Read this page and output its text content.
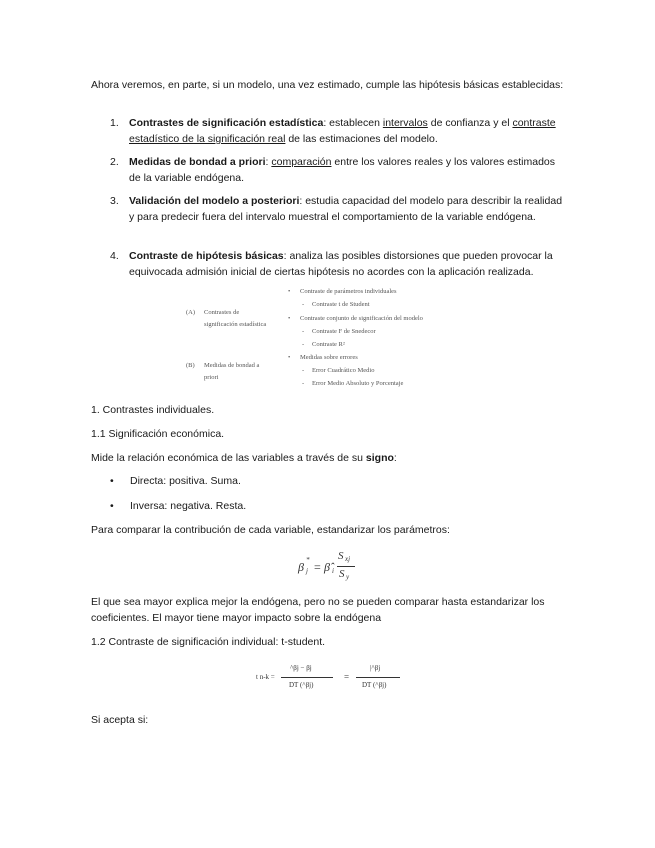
Ahora veremos, en parte, si un modelo, una vez estimado, cumple las hipótesis básicas establecidas:
1. Contrastes de significación estadística: establecen intervalos de confianza y el contraste estadístico de la significación real de las estimaciones del modelo.
2. Medidas de bondad a priori: comparación entre los valores reales y los valores estimados de la variable endógena.
3. Validación del modelo a posteriori: estudia capacidad del modelo para describir la realidad y para predecir fuera del intervalo muestral el comportamiento de la variable endógena.
4. Contraste de hipótesis básicas: analiza las posibles distorsiones que pueden provocar la equivocada admisión inicial de ciertas hipótesis no acordes con la aplicación realizada.
(A) Contrastes de
significación estadística
(B) Medidas de bondad a
priori
• Contraste de parámetros individuales
- Contraste t de Student
• Contraste conjunto de significación del modelo
- Contraste F de Snedecor
- Contraste R²
• Medidas sobre errores
- Error Cuadrático Medio
- Error Medio Absoluto y Porcentaje
1. Contrastes individuales.
1.1 Significación económica.
Mide la relación económica de las variables a través de su signo:
• Directa: positiva. Suma.
• Inversa: negativa. Resta.
Para comparar la contribución de cada variable, estandarizar los parámetros:
β *
j = β̂ i
S xj
S y
El que sea mayor explica mejor la endógena, pero no se pueden comparar hasta estandarizar los coeficientes. El mayor tiene mayor impacto sobre la endógena
1.2 Contraste de significación individual: t-student.
t n-k =
^βj − βj
DT (^βj)
=
|^βj
DT (^βj)
Si acepta si:
